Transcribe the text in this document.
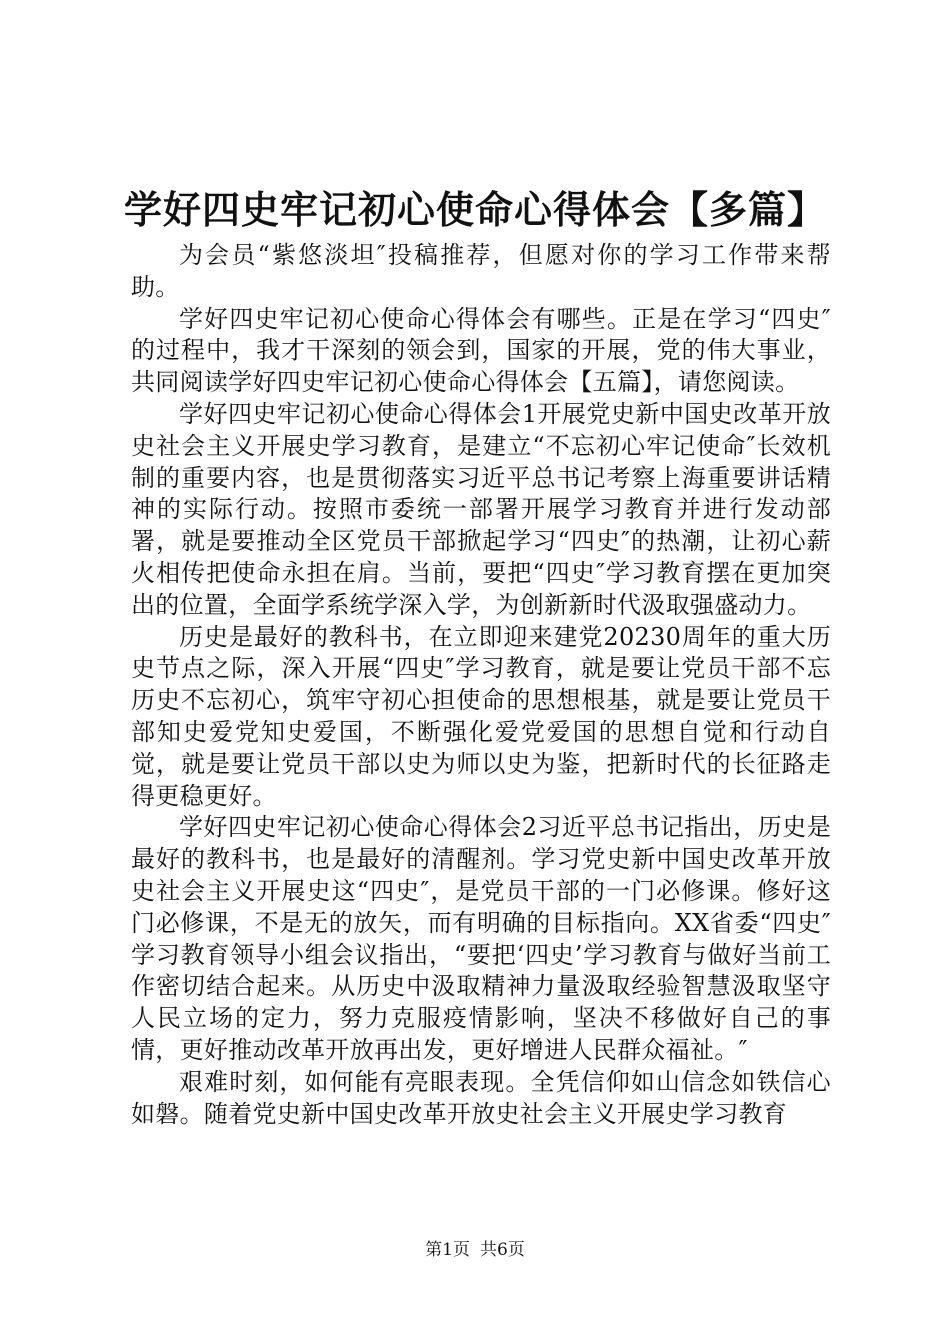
学好四史牢记初心使命心得体会【多篇】

为会员“紫悠淡坦″投稿推荐，但愿对你的学习工作带来帮助。

学好四史牢记初心使命心得体会有哪些。正是在学习“四史″的过程中，我才干深刻的领会到，国家的开展，党的伟大事业，共同阅读学好四史牢记初心使命心得体会【五篇】，请您阅读。

学好四史牢记初心使命心得体会1开展党史新中国史改革开放史社会主义开展史学习教育，是建立“不忘初心牢记使命″长效机制的重要内容，也是贯彻落实习近平总书记考察上海重要讲话精神的实际行动。按照市委统一部署开展学习教育并进行发动部署，就是要推动全区党员干部掀起学习“四史″的热潮，让初心薪火相传把使命永担在肩。当前，要把“四史″学习教育摆在更加突出的位置，全面学系统学深入学，为创新新时代汲取强盛动力。

历史是最好的教科书，在立即迎来建党20230周年的重大历史节点之际，深入开展“四史″学习教育，就是要让党员干部不忘历史不忘初心，筑牢守初心担使命的思想根基，就是要让党员干部知史爱党知史爱国，不断强化爱党爱国的思想自觉和行动自觉，就是要让党员干部以史为师以史为鉴，把新时代的长征路走得更稳更好。

学好四史牢记初心使命心得体会2习近平总书记指出，历史是最好的教科书，也是最好的清醒剂。学习党史新中国史改革开放史社会主义开展史这“四史″，是党员干部的一门必修课。修好这门必修课，不是无的放矢，而有明确的目标指向。XX省委“四史″学习教育领导小组会议指出，“要把‘四史’学习教育与做好当前工作密切结合起来。从历史中汲取精神力量汲取经验智慧汲取坚守人民立场的定力，努力克服疫情影响，坚决不移做好自己的事情，更好推动改革开放再出发，更好增进人民群众福祉。″

艰难时刻，如何能有亮眼表现。全凭信仰如山信念如铁信心如磐。随着党史新中国史改革开放史社会主义开展史学习教育

第1页 共6页
